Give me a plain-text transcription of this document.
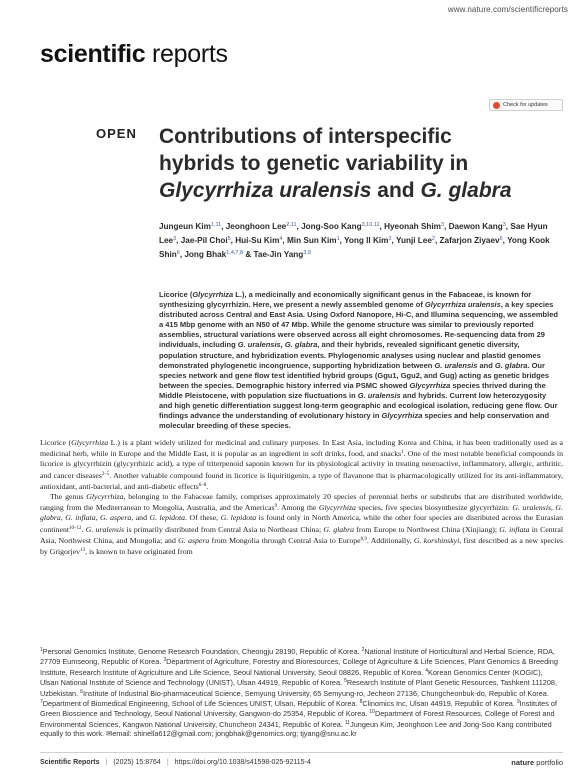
www.nature.com/scientificreports
scientific reports
Check for updates
OPEN Contributions of interspecific
hybrids to genetic variability in
Glycyrrhiza uralensis and G. glabra
Jungeun Kim$^{1,11}$, Jeonghoon Lee$^{2,11}$, Jong-Soo Kang$^{3,10,11}$, Hyeonah Shim$^3$, Daewon Kang$^3$, Sae Hyun Lee$^3$, Jae-Pil Choi$^5$, Hui-Su Kim$^4$, Min Sun Kim$^1$, Yong Il Kim$^2$, Yunji Lee$^2$, Zafarjon Ziyaev$^6$, Yong Kook Shin$^6$, Jong Bhak$^{1,4,7,8}$ & Tae-Jin Yang$^{3,9}$
Licorice (Glycyrrhiza L.), a medicinally and economically significant genus in the Fabaceae, is known for synthesizing glycyrrhizin. Here, we present a newly assembled genome of Glycyrrhiza uralensis, a key species distributed across Central and East Asia. Using Oxford Nanopore, Hi-C, and Illumina sequencing, we assembled a 415 Mbp genome with an N50 of 47 Mbp. While the genome structure was similar to previously reported assemblies, structural variations were observed across all eight chromosomes. Re-sequencing data from 29 individuals, including G. uralensis, G. glabra, and their hybrids, revealed significant genetic diversity, population structure, and hybridization events. Phylogenomic analyses using nuclear and plastid genomes demonstrated phylogenetic incongruence, supporting hybridization between G. uralensis and G. glabra. Our species network and gene flow test identified hybrid groups (Ggu1, Ggu2, and Gug) acting as genetic bridges between the species. Demographic history inferred via PSMC showed Glycyrrhiza species thrived during the Middle Pleistocene, with population size fluctuations in G. uralensis and hybrids. Current low heterozygosity and high genetic differentiation suggest long-term geographic and ecological isolation, reducing gene flow. Our findings advance the understanding of evolutionary history in Glycyrrhiza species and help conservation and molecular breeding of these species.

Licorice (Glycyrrhiza L.) is a plant widely utilized for medicinal and culinary purposes. In East Asia, including Korea and China, it has been traditionally used as a medicinal herb, while in Europe and the Middle East, it is popular as an ingredient in soft drinks, food, and snacks$^1$. One of the most notable beneficial compounds in licorice is glycyrrhizin (glycyrrhizic acid), a type of triterpenoid saponin known for its physiological activity in treating neuroactive, inflammatory, allergic, arthritic, and cancer diseases$^{2-5}$. Another valuable compound found in licorice is liquiritigenin, a type of flavanone that is pharmacologically utilized for its anti-inflammatory, antioxidant, anti-bacterial, and anti-diabetic effects$^{6-8}$.

The genus Glycyrrhiza, belonging to the Fabaceae family, comprises approximately 20 species of perennial herbs or subshrubs that are distributed worldwide, ranging from the Mediterranean to Mongolia, Australia, and the Americas$^9$. Among the Glycyrrhiza species, five species biosynthesize glycyrrhizin: G. uralensis, G. glabra, G. inflata, G. aspera, and G. lepidota. Of these, G. lepidota is found only in North America, while the other four species are distributed across the Eurasian continent$^{10-12}$. G. uralensis is primarily distributed from Central Asia to Northeast China; G. glabra from Europe to Northwest China (Xinjiang); G. inflata in Central Asia, Northwest China, and Mongolia; and G. aspera from Mongolia through Central Asia to Europe$^{8,9}$. Additionally, G. korshinskyi, first described as a new species by Grigorjev$^{13}$, is known to have originated from

$^1$Personal Genomics Institute, Genome Research Foundation, Cheongju 28190, Republic of Korea. $^2$National Institute of Horticultural and Herbal Science, RDA, 27709 Eumseong, Republic of Korea. $^3$Department of Agriculture, Forestry and Bioresources, College of Agriculture & Life Sciences, Plant Genomics & Breeding Institute, Research Institute of Agriculture and Life Science, Seoul National University, Seoul 08826, Republic of Korea. $^4$Korean Genomics Center (KOGIC), Ulsan National Institute of Science and Technology (UNIST), Ulsan 44919, Republic of Korea. $^5$Research Institute of Plant Genetic Resources, Tashkent 111208, Uzbekistan. $^6$Institute of Industrial Bio-pharmaceutical Science, Semyung University, 65 Semyung-ro, Jecheon 27136, Chungcheonbuk-do, Republic of Korea. $^7$Department of Biomedical Engineering, School of Life Sciences UNIST, Ulsan, Republic of Korea. $^8$Clinomics Inc, Ulsan 44919, Republic of Korea. $^9$Institutes of Green Bioscience and Technology, Seoul National University, Gangwon-do 25354, Republic of Korea. $^{10}$Department of Forest Resources, College of Forest and Environmental Sciences, Kangwon National University, Chuncheon 24341, Republic of Korea. $^{11}$Jungeun Kim, Jeonghoon Lee and Jong-Soo Kang contributed equally to this work. ✉email: shinella612@gmail.com; jongbhak@genomics.org; tjyang@snu.ac.kr
Scientific Reports | (2025) 15:8764 | https://doi.org/10.1038/s41598-025-92115-4	nature portfolio
